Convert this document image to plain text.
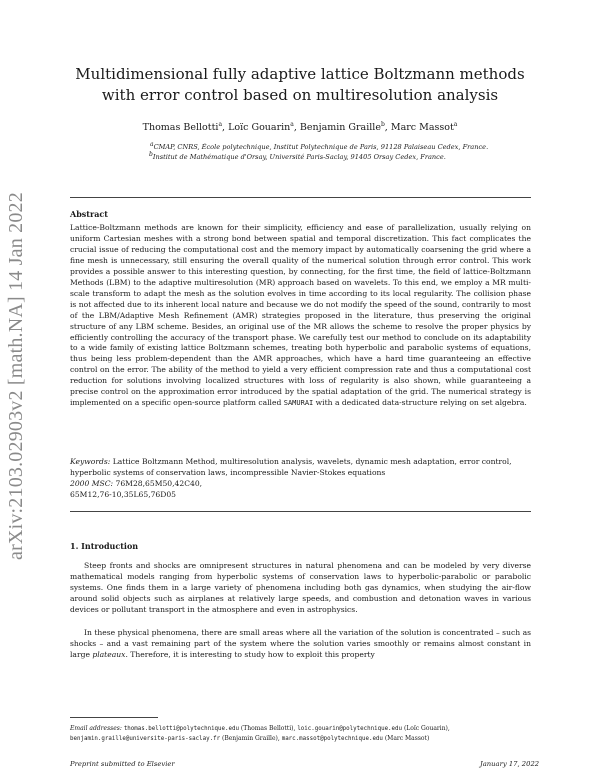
arXiv:2103.02903v2 [math.NA] 14 Jan 2022
Multidimensional fully adaptive lattice Boltzmann methods with error control based on multiresolution analysis
Thomas Bellotti$^a$, Loïc Gouarin$^a$, Benjamin Graille$^b$, Marc Massot$^a$
$^a$CMAP, CNRS, École polytechnique, Institut Polytechnique de Paris, 91128 Palaiseau Cedex, France.
$^b$Institut de Mathématique d'Orsay, Université Paris-Saclay, 91405 Orsay Cedex, France.
Abstract

Lattice-Boltzmann methods are known for their simplicity, efficiency and ease of parallelization, usually relying on uniform Cartesian meshes with a strong bond between spatial and temporal discretization. This fact complicates the crucial issue of reducing the computational cost and the memory impact by automatically coarsening the grid where a fine mesh is unnecessary, still ensuring the overall quality of the numerical solution through error control. This work provides a possible answer to this interesting question, by connecting, for the first time, the field of lattice-Boltzmann Methods (LBM) to the adaptive multiresolution (MR) approach based on wavelets. To this end, we employ a MR multi-scale transform to adapt the mesh as the solution evolves in time according to its local regularity. The collision phase is not affected due to its inherent local nature and because we do not modify the speed of the sound, contrarily to most of the LBM/Adaptive Mesh Refinement (AMR) strategies proposed in the literature, thus preserving the original structure of any LBM scheme. Besides, an original use of the MR allows the scheme to resolve the proper physics by efficiently controlling the accuracy of the transport phase. We carefully test our method to conclude on its adaptability to a wide family of existing lattice Boltzmann schemes, treating both hyperbolic and parabolic systems of equations, thus being less problem-dependent than the AMR approaches, which have a hard time guaranteeing an effective control on the error. The ability of the method to yield a very efficient compression rate and thus a computational cost reduction for solutions involving localized structures with loss of regularity is also shown, while guaranteeing a precise control on the approximation error introduced by the spatial adaptation of the grid. The numerical strategy is implemented on a specific open-source platform called SAMURAI with a dedicated data-structure relying on set algebra.

Keywords: Lattice Boltzmann Method, multiresolution analysis, wavelets, dynamic mesh adaptation, error control, hyperbolic systems of conservation laws, incompressible Navier-Stokes equations
2000 MSC: 76M28,65M50,42C40,
65M12,76-10,35L65,76D05
1. Introduction

Steep fronts and shocks are omnipresent structures in natural phenomena and can be modeled by very diverse mathematical models ranging from hyperbolic systems of conservation laws to hyperbolic-parabolic or parabolic systems. One finds them in a large variety of phenomena including both gas dynamics, when studying the air-flow around solid objects such as airplanes at relatively large speeds, and combustion and detonation waves in various devices or pollutant transport in the atmosphere and even in astrophysics.

In these physical phenomena, there are small areas where all the variation of the solution is concentrated – such as shocks – and a vast remaining part of the system where the solution varies smoothly or remains almost constant in large plateaux. Therefore, it is interesting to study how to exploit this property

Email addresses: thomas.bellotti@polytechnique.edu (Thomas Bellotti), loic.gouarin@polytechnique.edu (Loïc Gouarin),
benjamin.graille@universite-paris-saclay.fr (Benjamin Graille), marc.massot@polytechnique.edu (Marc Massot)
Preprint submitted to Elsevier	January 17, 2022
